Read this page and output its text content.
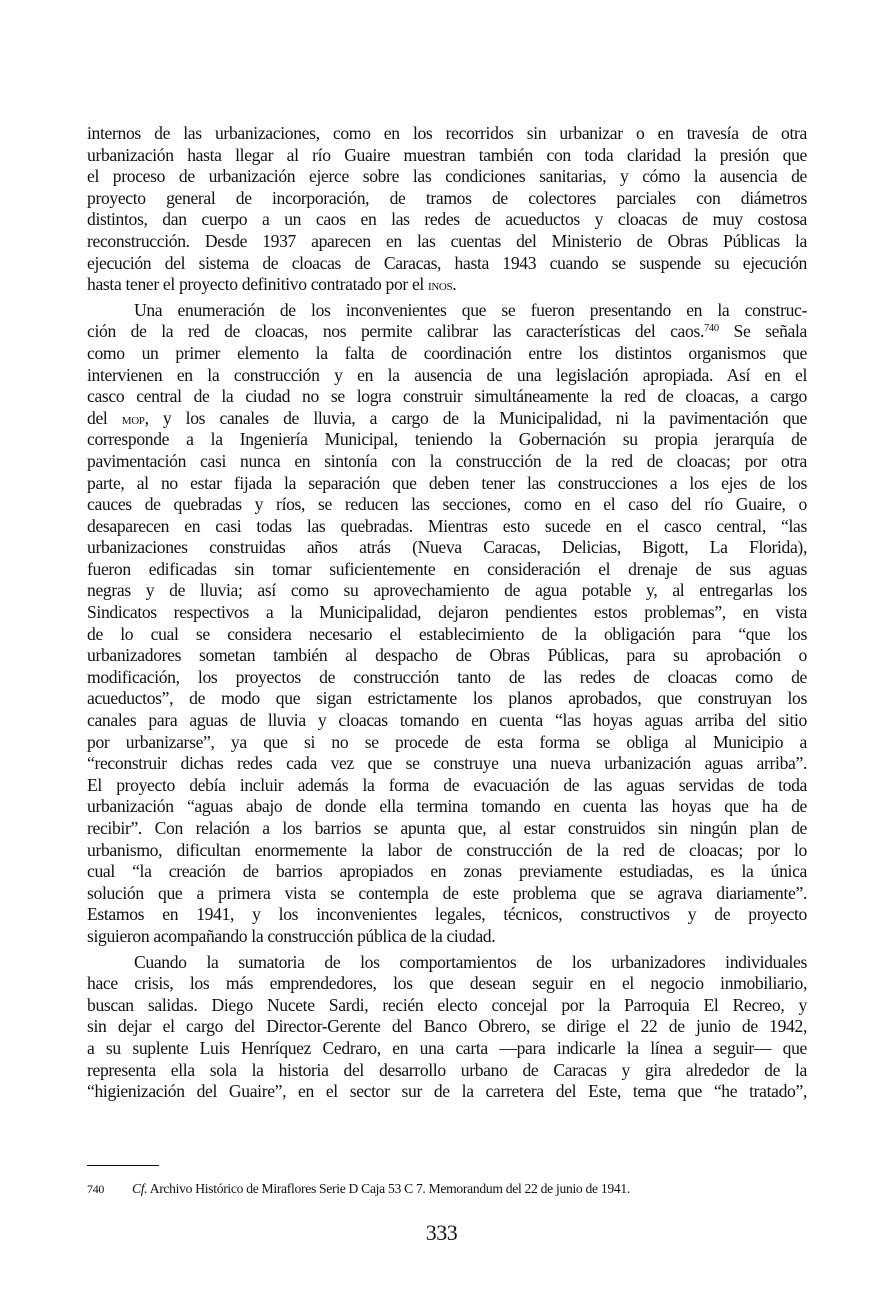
internos de las urbanizaciones, como en los recorridos sin urbanizar o en travesía de otra
urbanización hasta llegar al río Guaire muestran también con toda claridad la presión que
el proceso de urbanización ejerce sobre las condiciones sanitarias, y cómo la ausencia de
proyecto general de incorporación, de tramos de colectores parciales con diámetros
distintos, dan cuerpo a un caos en las redes de acueductos y cloacas de muy costosa
reconstrucción. Desde 1937 aparecen en las cuentas del Ministerio de Obras Públicas la
ejecución del sistema de cloacas de Caracas, hasta 1943 cuando se suspende su ejecución
hasta tener el proyecto definitivo contratado por el inos.
Una enumeración de los inconvenientes que se fueron presentando en la construc-
ción de la red de cloacas, nos permite calibrar las características del caos.$^{740}$ Se señala
como un primer elemento la falta de coordinación entre los distintos organismos que
intervienen en la construcción y en la ausencia de una legislación apropiada. Así en el
casco central de la ciudad no se logra construir simultáneamente la red de cloacas, a cargo
del mop, y los canales de lluvia, a cargo de la Municipalidad, ni la pavimentación que
corresponde a la Ingeniería Municipal, teniendo la Gobernación su propia jerarquía de
pavimentación casi nunca en sintonía con la construcción de la red de cloacas; por otra
parte, al no estar fijada la separación que deben tener las construcciones a los ejes de los
cauces de quebradas y ríos, se reducen las secciones, como en el caso del río Guaire, o
desaparecen en casi todas las quebradas. Mientras esto sucede en el casco central, “las
urbanizaciones construidas años atrás (Nueva Caracas, Delicias, Bigott, La Florida),
fueron edificadas sin tomar suficientemente en consideración el drenaje de sus aguas
negras y de lluvia; así como su aprovechamiento de agua potable y, al entregarlas los
Sindicatos respectivos a la Municipalidad, dejaron pendientes estos problemas”, en vista
de lo cual se considera necesario el establecimiento de la obligación para “que los
urbanizadores sometan también al despacho de Obras Públicas, para su aprobación o
modificación, los proyectos de construcción tanto de las redes de cloacas como de
acueductos”, de modo que sigan estrictamente los planos aprobados, que construyan los
canales para aguas de lluvia y cloacas tomando en cuenta “las hoyas aguas arriba del sitio
por urbanizarse”, ya que si no se procede de esta forma se obliga al Municipio a
“reconstruir dichas redes cada vez que se construye una nueva urbanización aguas arriba”.
El proyecto debía incluir además la forma de evacuación de las aguas servidas de toda
urbanización “aguas abajo de donde ella termina tomando en cuenta las hoyas que ha de
recibir”. Con relación a los barrios se apunta que, al estar construidos sin ningún plan de
urbanismo, dificultan enormemente la labor de construcción de la red de cloacas; por lo
cual “la creación de barrios apropiados en zonas previamente estudiadas, es la única
solución que a primera vista se contempla de este problema que se agrava diariamente”.
Estamos en 1941, y los inconvenientes legales, técnicos, constructivos y de proyecto
siguieron acompañando la construcción pública de la ciudad.
Cuando la sumatoria de los comportamientos de los urbanizadores individuales
hace crisis, los más emprendedores, los que desean seguir en el negocio inmobiliario,
buscan salidas. Diego Nucete Sardi, recién electo concejal por la Parroquia El Recreo, y
sin dejar el cargo del Director-Gerente del Banco Obrero, se dirige el 22 de junio de 1942,
a su suplente Luis Henríquez Cedraro, en una carta —para indicarle la línea a seguir— que
representa ella sola la historia del desarrollo urbano de Caracas y gira alrededor de la
“higienización del Guaire”, en el sector sur de la carretera del Este, tema que “he tratado”,
740 Cf. Archivo Histórico de Miraflores Serie D Caja 53 C 7. Memorandum del 22 de junio de 1941.
333
